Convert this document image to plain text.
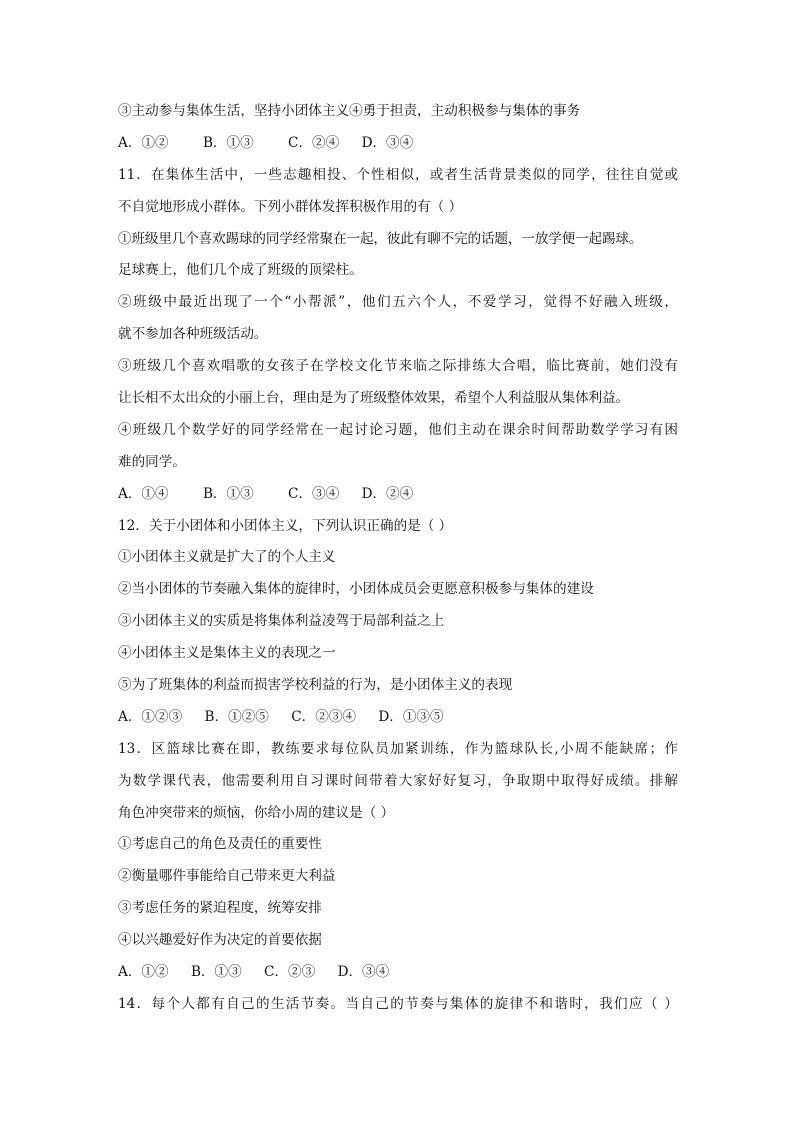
③主动参与集体生活，坚持小团体主义④勇于担责，主动积极参与集体的事务
A．①②	B．①③	C．②④ D．③④
11．在集体生活中，一些志趣相投、个性相似，或者生活背景类似的同学，往往自觉或
不自觉地形成小群体。下列小群体发挥积极作用的有（ ）
①班级里几个喜欢踢球的同学经常聚在一起，彼此有聊不完的话题，一放学便一起踢球。
足球赛上，他们几个成了班级的顶梁柱。
②班级中最近出现了一个“小帮派”，他们五六个人，不爱学习，觉得不好融入班级，
就不参加各种班级活动。
③班级几个喜欢唱歌的女孩子在学校文化节来临之际排练大合唱，临比赛前，她们没有
让长相不太出众的小丽上台，理由是为了班级整体效果，希望个人利益服从集体利益。
④班级几个数学好的同学经常在一起讨论习题，他们主动在课余时间帮助数学学习有困
难的同学。
A．①④	B．①③	C．③④ D．②④
12．关于小团体和小团体主义，下列认识正确的是（ ）
①小团体主义就是扩大了的个人主义
②当小团体的节奏融入集体的旋律时，小团体成员会更愿意积极参与集体的建设
③小团体主义的实质是将集体利益凌驾于局部利益之上
④小团体主义是集体主义的表现之一
⑤为了班集体的利益而损害学校利益的行为，是小团体主义的表现
A．①②③ B．①②⑤ C．②③④ D．①③⑤
13．区篮球比赛在即，教练要求每位队员加紧训练，作为篮球队长,小周不能缺席；作
为数学课代表，他需要利用自习课时间带着大家好好复习，争取期中取得好成绩。排解
角色冲突带来的烦恼，你给小周的建议是（ ）
①考虑自己的角色及责任的重要性
②衡量哪件事能给自己带来更大利益
③考虑任务的紧迫程度，统筹安排
④以兴趣爱好作为决定的首要依据
A．①② B．①③ C．②③ D．③④
14．每个人都有自己的生活节奏。当自己的节奏与集体的旋律不和谐时，我们应（ ）
